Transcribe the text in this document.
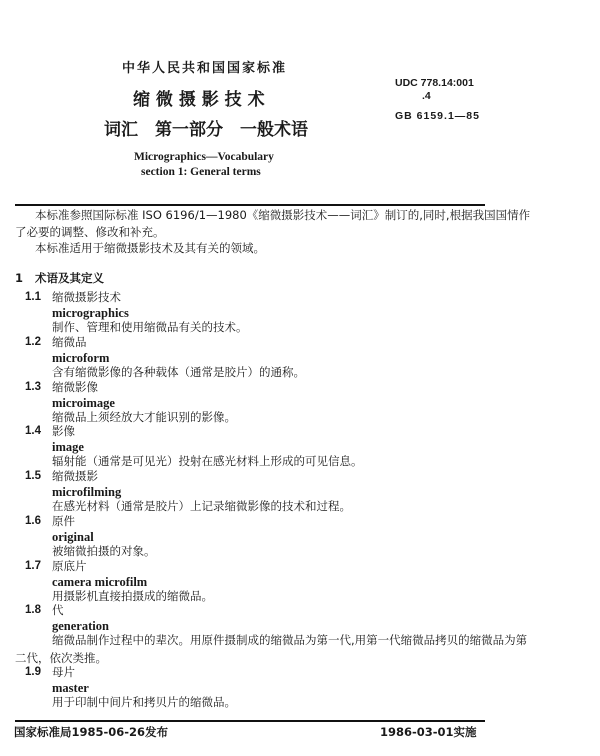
中华人民共和国国家标准
缩 微 摄 影 技 术
词汇　第一部分　一般术语
Micrographics—Vocabulary
section 1: General terms
UDC 778.14:001
.4
GB 6159.1—85
本标准参照国际标准 ISO 6196/1—1980《缩微摄影技术——词汇》制订的,同时,根据我国国情作
了必要的调整、修改和补充。
本标准适用于缩微摄影技术及其有关的领域。
1 术语及其定义
1.1 缩微摄影技术
micrographics
制作、管理和使用缩微品有关的技术。
1.2 缩微品
microform
含有缩微影像的各种载体（通常是胶片）的通称。
1.3 缩微影像
microimage
缩微品上须经放大才能识别的影像。
1.4 影像
image
辐射能（通常是可见光）投射在感光材料上形成的可见信息。
1.5 缩微摄影
microfilming
在感光材料（通常是胶片）上记录缩微影像的技术和过程。
1.6 原件
original
被缩微拍摄的对象。
1.7 原底片
camera microfilm
用摄影机直接拍摄成的缩微品。
1.8 代
generation
缩微品制作过程中的辈次。用原件摄制成的缩微品为第一代,用第一代缩微品拷贝的缩微品为第
二代，依次类推。
1.9 母片
master
用于印制中间片和拷贝片的缩微品。
国家标准局1985-06-26发布	1986-03-01实施
